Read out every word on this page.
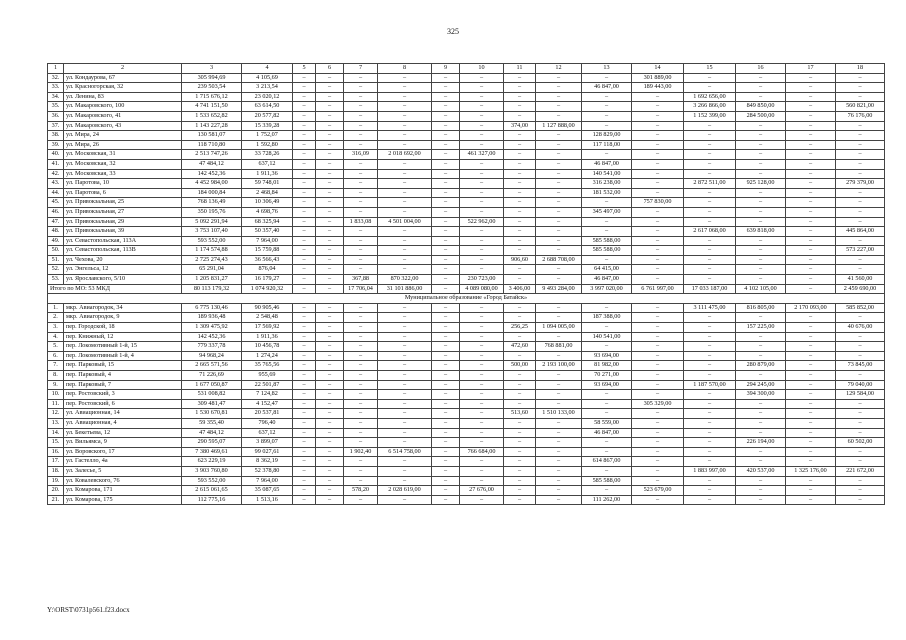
325
1	2	3	4	5	6	7	8	9	10	11	12	13	14	15	16	17	18
32.	ул. Кондаурова, 67	305 994,69	4 105,69	–	–	–	–	–	–	–	–	–	301 889,00	–	–	–	–
33.	ул. Красногорская, 32	239 503,54	3 213,54	–	–	–	–	–	–	–	–	46 847,00	189 443,00	–	–	–	–
34.	ул. Ленина, 83	1 715 676,12	23 020,12	–	–	–	–	–	–	–	–	–	–	1 692 656,00	–	–	–
35.	ул. Макаровского, 100	4 741 151,50	63 614,50	–	–	–	–	–	–	–	–	–	–	3 266 866,00	849 850,00	–	560 821,00
36.	ул. Макаровского, 41	1 533 652,82	20 577,82	–	–	–	–	–	–	–	–	–	–	1 152 399,00	284 500,00	–	76 176,00
37.	ул. Макаровского, 43	1 143 227,28	15 339,28	–	–	–	–	–	–	374,00	1 127 888,00	–	–	–	–	–	–
38.	ул. Мира, 24	130 581,07	1 752,07	–	–	–	–	–	–	–	–	128 829,00	–	–	–	–	–
39.	ул. Мира, 26	118 710,80	1 592,80	–	–	–	–	–	–	–	–	117 118,00	–	–	–	–	–
40.	ул. Московская, 31	2 513 747,26	33 728,26	–	–	316,09	2 018 692,00	–	461 327,00	–	–	–	–	–	–	–	–
41.	ул. Московская, 32	47 484,12	637,12	–	–	–	–	–	–	–	–	46 847,00	–	–	–	–	–
42.	ул. Московская, 33	142 452,36	1 911,36	–	–	–	–	–	–	–	–	140 541,00	–	–	–	–	–
43.	ул. Паротова, 10	4 452 984,00	59 748,01	–	–	–	–	–	–	–	–	316 238,00	–	2 872 511,00	925 128,00	–	279 379,00
44.	ул. Паротова, 6	184 000,84	2 468,84	–	–	–	–	–	–	–	–	181 532,00	–	–	–	–	–
45.	ул. Привокзальная, 25	768 136,49	10 306,49	–	–	–	–	–	–	–	–	–	757 830,00	–	–	–	–
46.	ул. Привокзальная, 27	350 195,76	4 698,76	–	–	–	–	–	–	–	–	345 497,00	–	–	–	–	–
47.	ул. Привокзальная, 29	5 092 291,94	68 325,94	–	–	1 833,08	4 501 004,00	–	522 962,00	–	–	–	–	–	–	–	–
48.	ул. Привокзальная, 39	3 753 107,40	50 357,40	–	–	–	–	–	–	–	–	–	–	2 617 068,00	639 818,00	–	445 864,00
49.	ул. Севастопольская, 113А	593 552,00	7 964,00	–	–	–	–	–	–	–	–	585 588,00	–	–	–	–	–
50.	ул. Севастопольская, 113В	1 174 574,88	15 759,88	–	–	–	–	–	–	–	–	585 588,00	–	–	–	–	573 227,00
51.	ул. Чехова, 20	2 725 274,43	36 566,43	–	–	–	–	–	–	906,60	2 688 708,00	–	–	–	–	–	–
52.	ул. Энгельса, 12	65 291,04	876,04	–	–	–	–	–	–	–	–	64 415,00	–	–	–	–	–
53.	ул. Ярославского, 5/10	1 205 831,27	16 179,27	–	–	367,88	870 322,00	–	230 723,00	–	–	46 847,00	–	–	–	–	41 560,00
Итого по МО: 53 МКД		80 113 179,32	1 074 920,32	–	–	17 706,04	31 101 886,00	–	4 089 080,00	3 406,00	9 493 284,00	3 997 020,00	6 761 997,00	17 033 187,00	4 102 105,00	–	2 459 690,00
Муниципальное образование «Город Батайск»																	
1.	мкр. Авиагородок, 34	6 775 130,46	90 905,46	–	–	–	–	–	–	–	–	–	–	3 111 475,00	816 805,00	2 170 093,00	585 852,00
2.	мкр. Авиагородок, 9	189 936,48	2 548,48	–	–	–	–	–	–	–	–	187 388,00	–	–	–	–	–
3.	пер. Городской, 18	1 309 475,92	17 569,92	–	–	–	–	–	–	256,25	1 094 005,00	–	–	–	157 225,00	–	40 676,00
4.	пер. Книжный, 12	142 452,36	1 911,36	–	–	–	–	–	–	–	–	140 541,00	–	–	–	–	–
5.	пер. Локомотивный 1-й, 15	779 337,78	10 456,78	–	–	–	–	–	–	472,60	768 881,00	–	–	–	–	–	–
6.	пер. Локомотивный 1-й, 4	94 968,24	1 274,24	–	–	–	–	–	–	–	–	93 694,00	–	–	–	–	–
7.	пер. Парковый, 15	2 665 571,56	35 765,56	–	–	–	–	–	–	500,00	2 193 100,00	81 982,00	–	–	280 879,00	–	73 845,00
8.	пер. Парковый, 4	71 226,69	955,69	–	–	–	–	–	–	–	–	70 271,00	–	–	–	–	–
9.	пер. Парковый, 7	1 677 050,87	22 501,87	–	–	–	–	–	–	–	–	93 694,00	–	1 187 570,00	294 245,00	–	79 040,00
10.	пер. Ростовский, 3	531 008,82	7 124,82	–	–	–	–	–	–	–	–	–	–	–	394 300,00	–	129 584,00
11.	пер. Ростовский, 6	309 481,47	4 152,47	–	–	–	–	–	–	–	–	–	305 329,00	–	–	–	–
12.	ул. Авиационная, 14	1 530 670,81	20 537,81	–	–	–	–	–	–	513,60	1 510 133,00	–	–	–	–	–	–
13.	ул. Авиационная, 4	59 355,40	796,40	–	–	–	–	–	–	–	–	58 559,00	–	–	–	–	–
14.	ул. Бекетьева, 12	47 484,12	637,12	–	–	–	–	–	–	–	–	46 847,00	–	–	–	–	–
15.	ул. Вильямса, 9	290 595,07	3 899,07	–	–	–	–	–	–	–	–	–	–	–	226 194,00	–	60 502,00
16.	ул. Воровского, 17	7 380 469,61	99 027,61	–	–	1 902,40	6 514 758,00	–	766 684,00	–	–	–	–	–	–	–	–
17.	ул. Гастелло, 4а	623 229,19	8 362,19	–	–	–	–	–	–	–	–	614 867,00	–	–	–	–	–
18.	ул. Залесье, 5	3 903 760,80	52 378,80	–	–	–	–	–	–	–	–	–	–	1 883 997,00	420 537,00	1 325 176,00	221 672,00
19.	ул. Ковалевского, 76	593 552,00	7 964,00	–	–	–	–	–	–	–	–	585 588,00	–	–	–	–	–
20.	ул. Комарова, 171	2 615 061,65	35 087,65	–	–	578,20	2 028 619,00	–	27 676,00	–	–	–	523 679,00	–	–	–	–
21.	ул. Комарова, 175	112 775,16	1 513,16	–	–	–	–	–	–	–	–	111 262,00	–	–	–	–	–
Y:\ORST\0731p561.f23.docx
